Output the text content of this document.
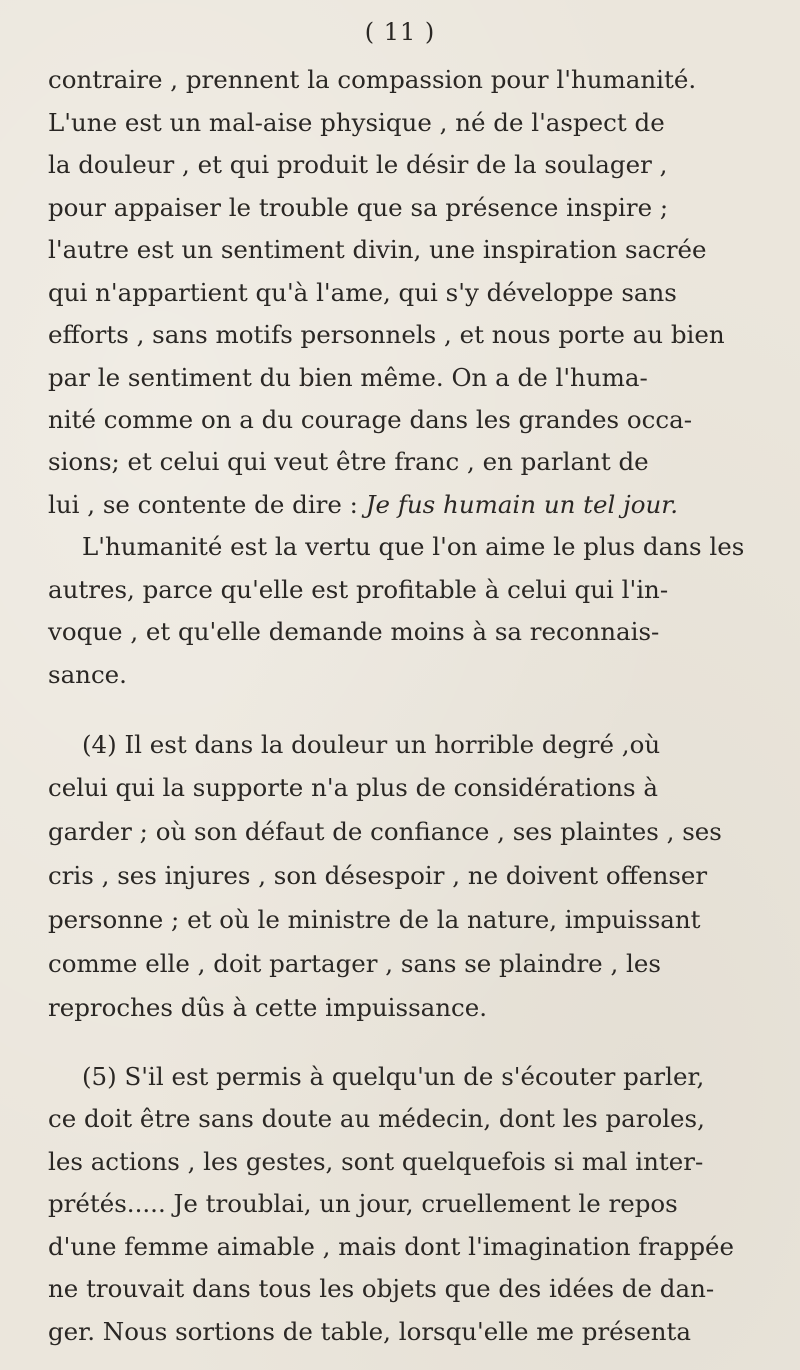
( 11 )
contraire , prennent la compassion pour l'humanité.
L'une est un mal-aise physique , né de l'aspect de
la douleur , et qui produit le désir de la soulager ,
pour appaiser le trouble que sa présence inspire ;
l'autre est un sentiment divin, une inspiration sacrée
qui n'appartient qu'à l'ame, qui s'y développe sans
efforts , sans motifs personnels , et nous porte au bien
par le sentiment du bien même. On a de l'huma-
nité comme on a du courage dans les grandes occa-
sions; et celui qui veut être franc , en parlant de
lui , se contente de dire : Je fus humain un tel jour.
L'humanité est la vertu que l'on aime le plus dans les
autres, parce qu'elle est profitable à celui qui l'in-
voque , et qu'elle demande moins à sa reconnais-
sance.
(4) Il est dans la douleur un horrible degré ,où
celui qui la supporte n'a plus de considérations à
garder ; où son défaut de confiance , ses plaintes , ses
cris , ses injures , son désespoir , ne doivent offenser
personne ; et où le ministre de la nature, impuissant
comme elle , doit partager , sans se plaindre , les
reproches dûs à cette impuissance.
(5) S'il est permis à quelqu'un de s'écouter parler,
ce doit être sans doute au médecin, dont les paroles,
les actions , les gestes, sont quelquefois si mal inter-
prétés..... Je troublai, un jour, cruellement le repos
d'une femme aimable , mais dont l'imagination frappée
ne trouvait dans tous les objets que des idées de dan-
ger. Nous sortions de table, lorsqu'elle me présenta
